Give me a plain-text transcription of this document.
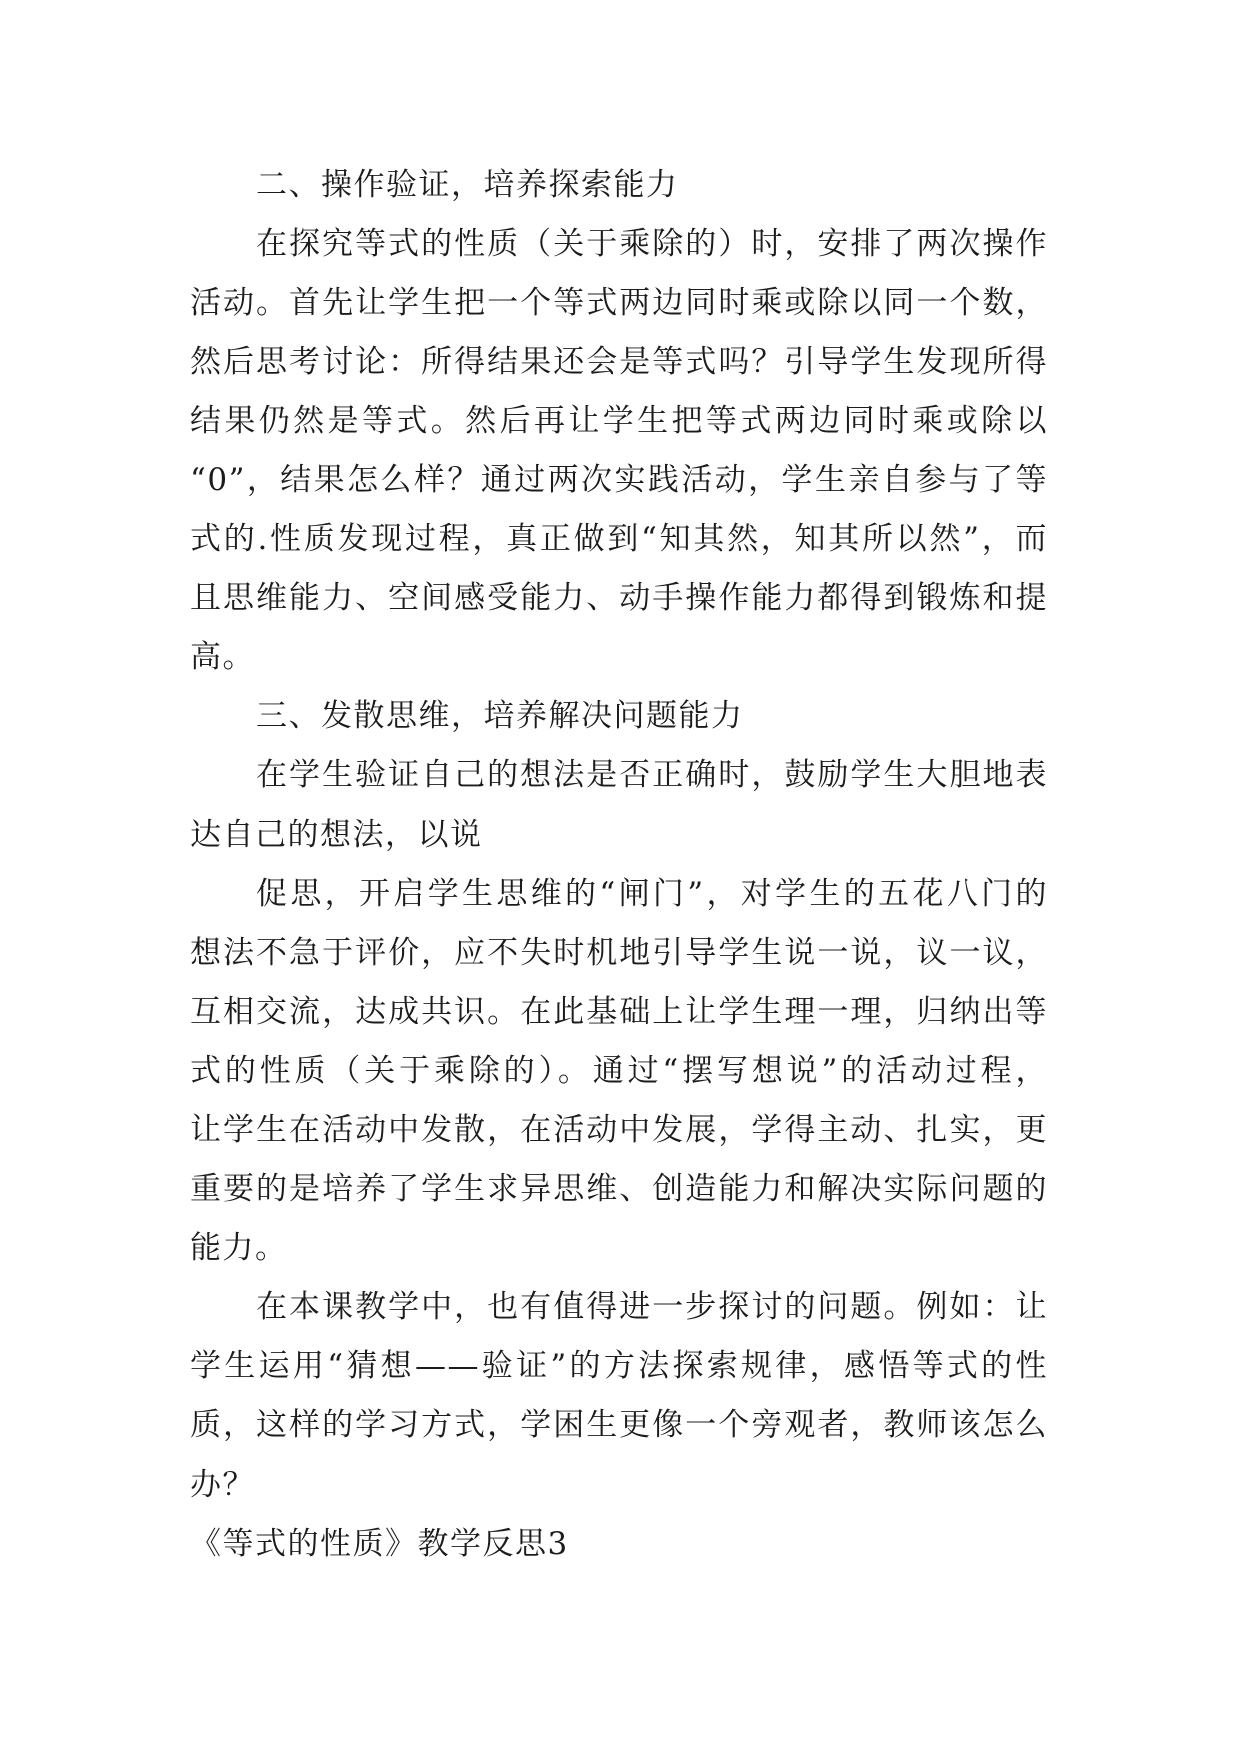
二、操作验证，培养探索能力
在探究等式的性质（关于乘除的）时，安排了两次操作
活动。首先让学生把一个等式两边同时乘或除以同一个数，
然后思考讨论：所得结果还会是等式吗？引导学生发现所得
结果仍然是等式。然后再让学生把等式两边同时乘或除以
“0”，结果怎么样？通过两次实践活动，学生亲自参与了等
式的.性质发现过程，真正做到“知其然，知其所以然”，而
且思维能力、空间感受能力、动手操作能力都得到锻炼和提
高。
三、发散思维，培养解决问题能力
在学生验证自己的想法是否正确时，鼓励学生大胆地表
达自己的想法，以说
促思，开启学生思维的“闸门”，对学生的五花八门的
想法不急于评价，应不失时机地引导学生说一说，议一议，
互相交流，达成共识。在此基础上让学生理一理，归纳出等
式的性质（关于乘除的）。通过“摆写想说”的活动过程，
让学生在活动中发散，在活动中发展，学得主动、扎实，更
重要的是培养了学生求异思维、创造能力和解决实际问题的
能力。
在本课教学中，也有值得进一步探讨的问题。例如：让
学生运用“猜想——验证”的方法探索规律，感悟等式的性
质，这样的学习方式，学困生更像一个旁观者，教师该怎么
办？
《等式的性质》教学反思3
